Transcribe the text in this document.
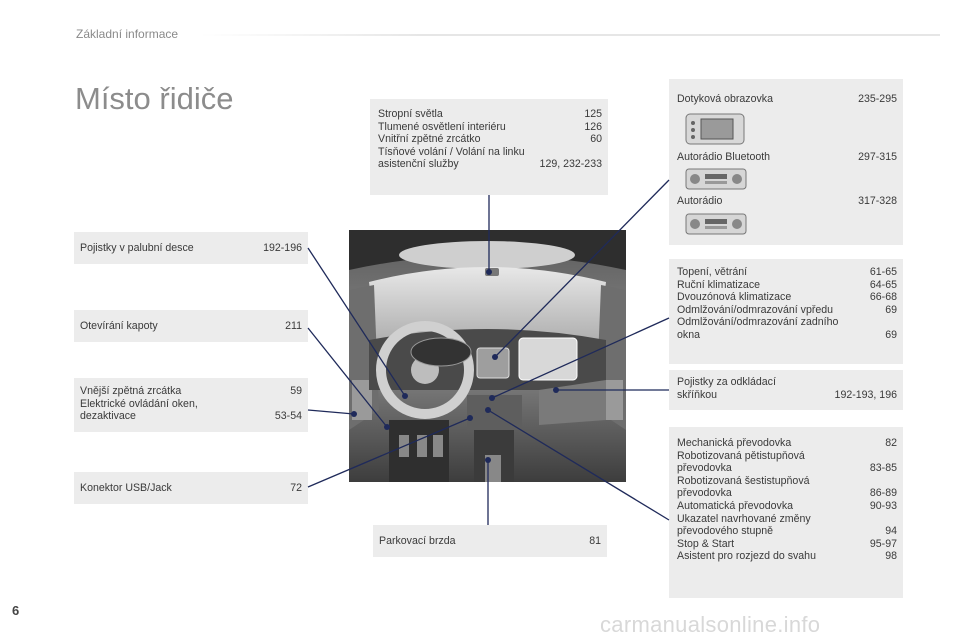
Základní informace
Místo řidiče	Stropní světla	125
Tlumené osvětlení interiéru	126
Vnitřní zpětné zrcátko	60
Tísňové volání / Volání na linku
asistenční služby	129, 232-233
Dotyková obrazovka	235-295
Autorádio Bluetooth	297-315
Autorádio	317-328
Pojistky v palubní desce	192-196
Otevírání kapoty	211
Vnější zpětná zrcátka	59
Elektrické ovládání oken,
dezaktivace	53-54
Konektor USB/Jack	72
Topení, větrání	61-65
Ruční klimatizace	64-65
Dvouzónová klimatizace	66-68
Odmlžování/odmrazování vpředu	69
Odmlžování/odmrazování zadního
okna	69
Pojistky za odkládací
skříňkou	192-193, 196
Mechanická převodovka	82
Robotizovaná pětistupňová
převodovka	83-85
Robotizovaná šestistupňová
převodovka	86-89
Automatická převodovka	90-93
Ukazatel navrhované změny
převodového stupně	94
Stop & Start	95-97
Asistent pro rozjezd do svahu	98
Parkovací brzda	81
6
carmanualsonline.info
